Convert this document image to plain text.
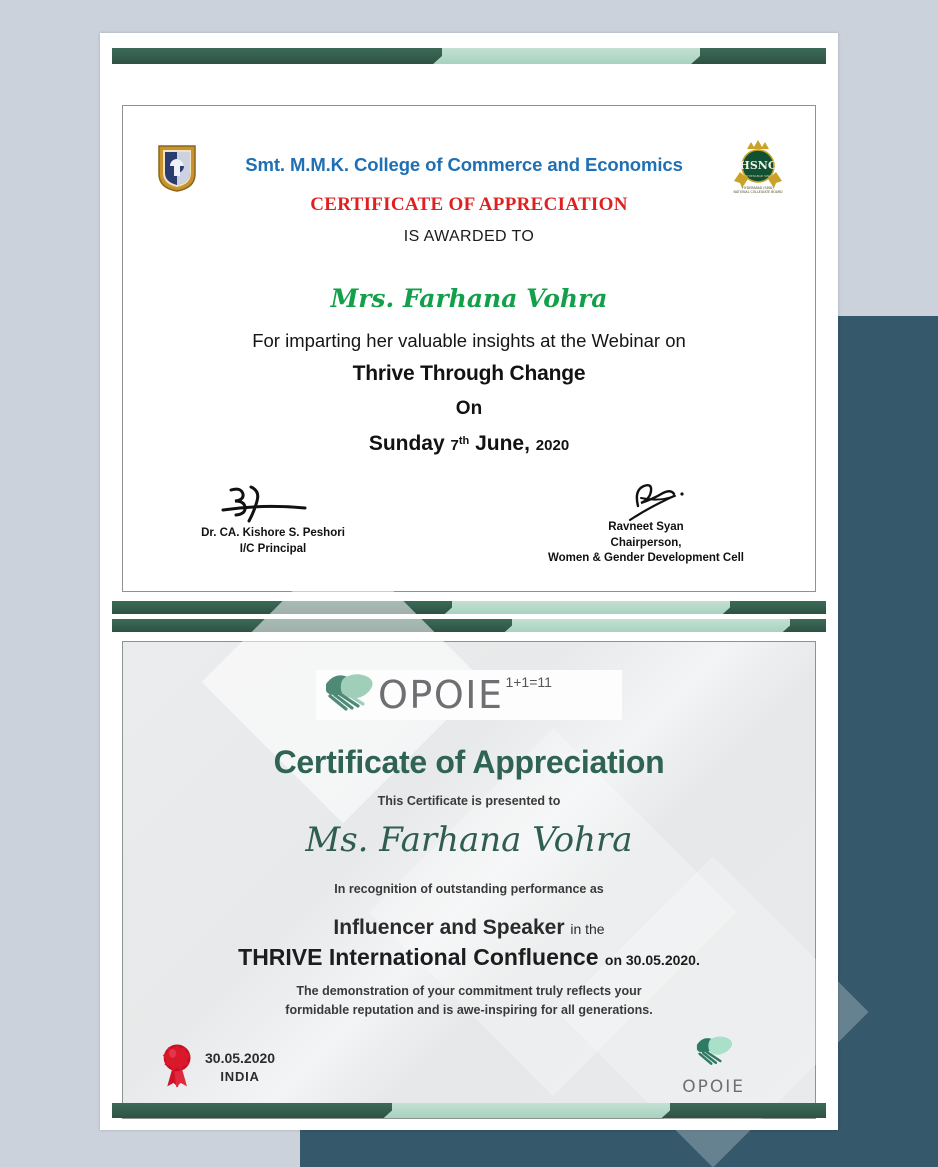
HSNC
HYDERABAD SIND
HYDERABAD (SIND)
NATIONAL COLLEGIATE BOARD
Smt. M.M.K. College of Commerce and Economics
CERTIFICATE OF APPRECIATION
IS AWARDED TO
Mrs. Farhana Vohra
For imparting her valuable insights at the Webinar on
Thrive Through Change
On
Sunday 7th June, 2020
Dr. CA. Kishore S. Peshori
I/C Principal
Ravneet Syan
Chairperson,
Women & Gender Development Cell
OPOIE 1+1=11
Certificate of Appreciation
This Certificate is presented to
Ms. Farhana Vohra
In recognition of outstanding performance as
Influencer and Speaker in the
THRIVE International Confluence on 30.05.2020.
The demonstration of your commitment truly reflects your
formidable reputation and is awe-inspiring for all generations.
30.05.2020
INDIA
OPOIE
